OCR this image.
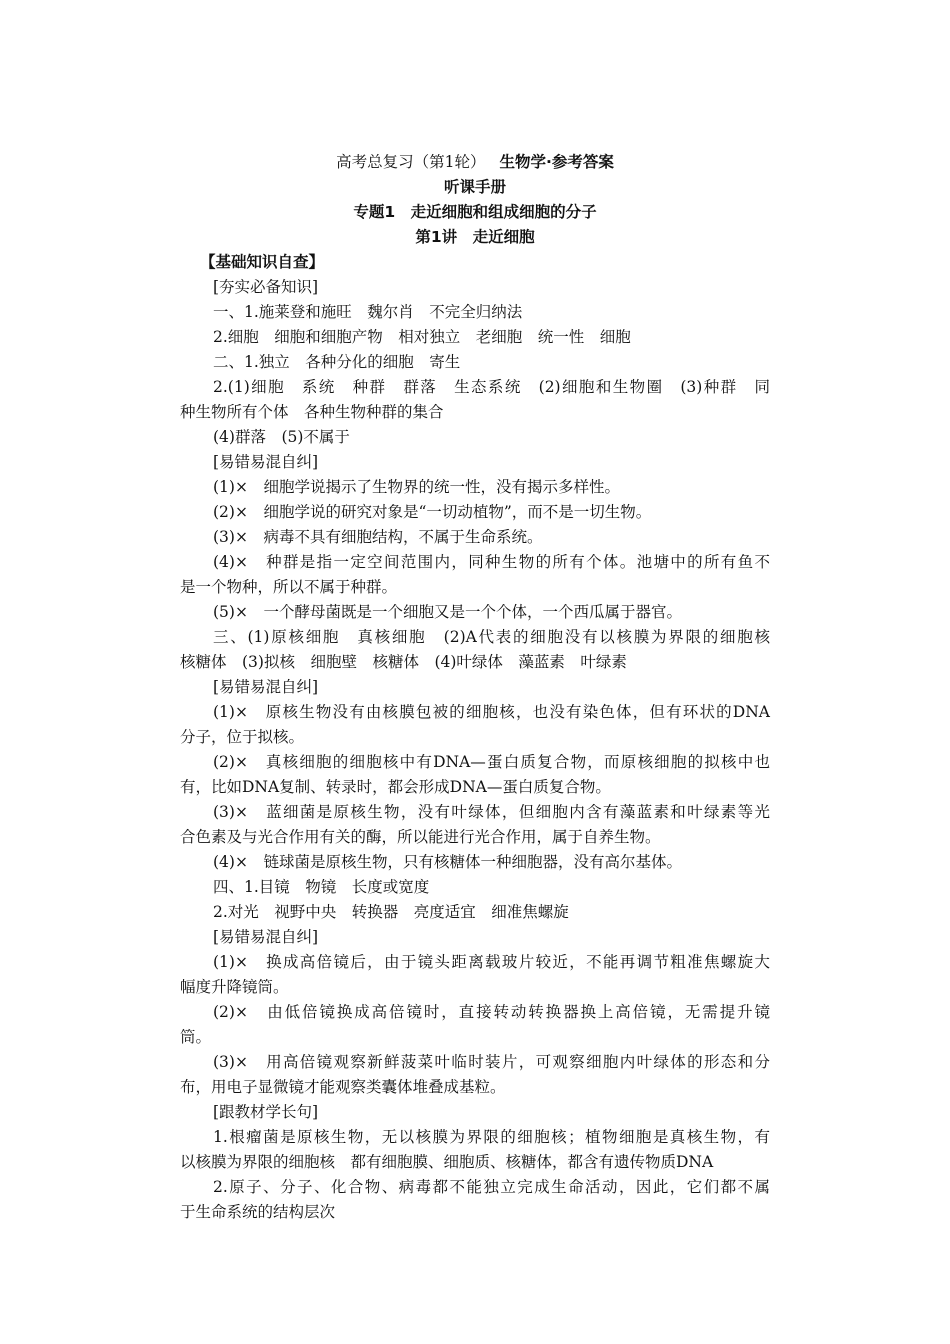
高考总复习（第1轮） 生物学·参考答案
听课手册
专题1　走近细胞和组成细胞的分子
第1讲　走近细胞
【基础知识自查】
[夯实必备知识]
一、1.施莱登和施旺　魏尔肖　不完全归纳法
2.细胞　细胞和细胞产物　相对独立　老细胞　统一性　细胞
二、1.独立　各种分化的细胞　寄生
2.(1)细胞　系统　种群　群落　生态系统　(2)细胞和生物圈　(3)种群　同
种生物所有个体　各种生物种群的集合
(4)群落　(5)不属于
[易错易混自纠]
(1)×　细胞学说揭示了生物界的统一性，没有揭示多样性。
(2)×　细胞学说的研究对象是“一切动植物”，而不是一切生物。
(3)×　病毒不具有细胞结构，不属于生命系统。
(4)×　种群是指一定空间范围内，同种生物的所有个体。池塘中的所有鱼不
是一个物种，所以不属于种群。
(5)×　一个酵母菌既是一个细胞又是一个个体，一个西瓜属于器官。
三、(1)原核细胞　真核细胞　(2)A代表的细胞没有以核膜为界限的细胞核
核糖体　(3)拟核　细胞壁　核糖体　(4)叶绿体　藻蓝素　叶绿素
[易错易混自纠]
(1)×　原核生物没有由核膜包被的细胞核，也没有染色体，但有环状的DNA
分子，位于拟核。
(2)×　真核细胞的细胞核中有DNA—蛋白质复合物，而原核细胞的拟核中也
有，比如DNA复制、转录时，都会形成DNA—蛋白质复合物。
(3)×　蓝细菌是原核生物，没有叶绿体，但细胞内含有藻蓝素和叶绿素等光
合色素及与光合作用有关的酶，所以能进行光合作用，属于自养生物。
(4)×　链球菌是原核生物，只有核糖体一种细胞器，没有高尔基体。
四、1.目镜　物镜　长度或宽度
2.对光　视野中央　转换器　亮度适宜　细准焦螺旋
[易错易混自纠]
(1)×　换成高倍镜后，由于镜头距离载玻片较近，不能再调节粗准焦螺旋大
幅度升降镜筒。
(2)×　由低倍镜换成高倍镜时，直接转动转换器换上高倍镜，无需提升镜
筒。
(3)×　用高倍镜观察新鲜菠菜叶临时装片，可观察细胞内叶绿体的形态和分
布，用电子显微镜才能观察类囊体堆叠成基粒。
[跟教材学长句]
1.根瘤菌是原核生物，无以核膜为界限的细胞核；植物细胞是真核生物，有
以核膜为界限的细胞核　都有细胞膜、细胞质、核糖体，都含有遗传物质DNA
2.原子、分子、化合物、病毒都不能独立完成生命活动，因此，它们都不属
于生命系统的结构层次
